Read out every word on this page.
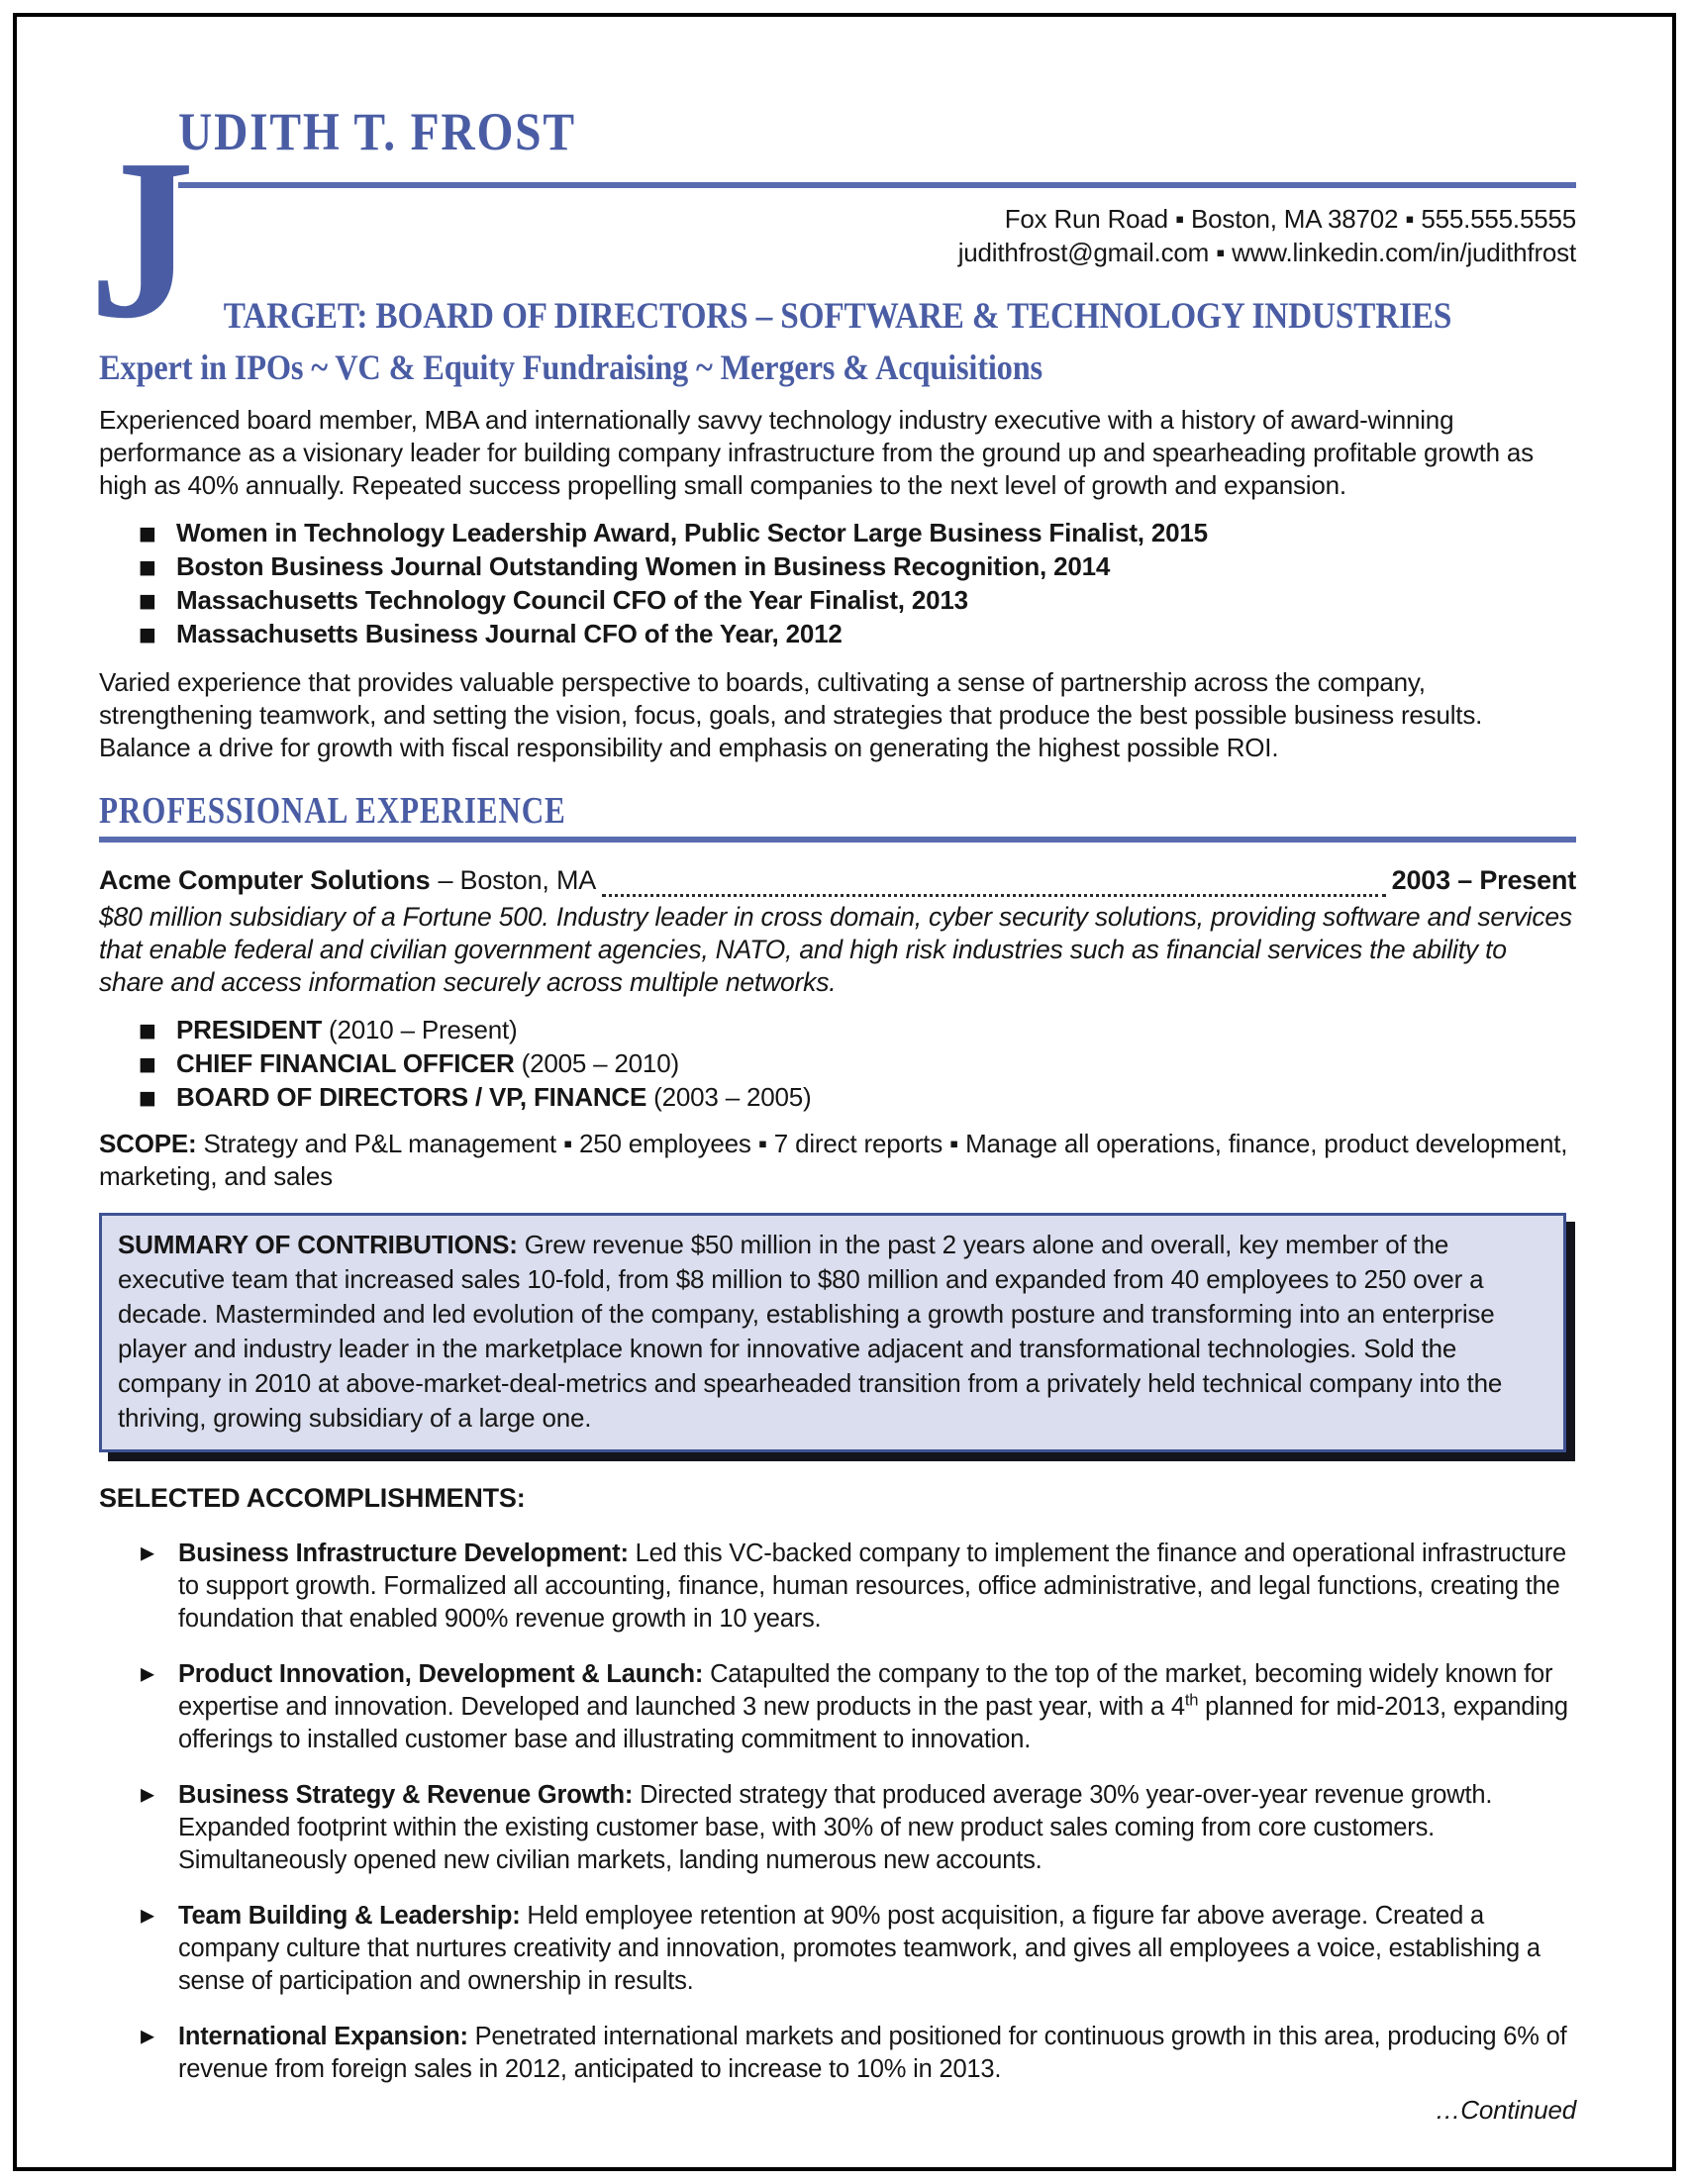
J
UDITH T. FROST
Fox Run Road ▪ Boston, MA 38702 ▪ 555.555.5555
judithfrost@gmail.com ▪ www.linkedin.com/in/judithfrost
TARGET: BOARD OF DIRECTORS – SOFTWARE & TECHNOLOGY INDUSTRIES
Expert in IPOs ~ VC & Equity Fundraising ~ Mergers & Acquisitions

Experienced board member, MBA and internationally savvy technology industry executive with a history of award-winning performance as a visionary leader for building company infrastructure from the ground up and spearheading profitable growth as high as 40% annually. Repeated success propelling small companies to the next level of growth and expansion.

■ Women in Technology Leadership Award, Public Sector Large Business Finalist, 2015
■ Boston Business Journal Outstanding Women in Business Recognition, 2014
■ Massachusetts Technology Council CFO of the Year Finalist, 2013
■ Massachusetts Business Journal CFO of the Year, 2012

Varied experience that provides valuable perspective to boards, cultivating a sense of partnership across the company, strengthening teamwork, and setting the vision, focus, goals, and strategies that produce the best possible business results. Balance a drive for growth with fiscal responsibility and emphasis on generating the highest possible ROI.

PROFESSIONAL EXPERIENCE
Acme Computer Solutions – Boston, MA	2003 – Present

$80 million subsidiary of a Fortune 500. Industry leader in cross domain, cyber security solutions, providing software and services that enable federal and civilian government agencies, NATO, and high risk industries such as financial services the ability to share and access information securely across multiple networks.

■ PRESIDENT (2010 – Present)
■ CHIEF FINANCIAL OFFICER (2005 – 2010)
■ BOARD OF DIRECTORS / VP, FINANCE (2003 – 2005)

SCOPE: Strategy and P&L management ▪ 250 employees ▪ 7 direct reports ▪ Manage all operations, finance, product development, marketing, and sales

SUMMARY OF CONTRIBUTIONS: Grew revenue $50 million in the past 2 years alone and overall, key member of the executive team that increased sales 10-fold, from $8 million to $80 million and expanded from 40 employees to 250 over a decade. Masterminded and led evolution of the company, establishing a growth posture and transforming into an enterprise player and industry leader in the marketplace known for innovative adjacent and transformational technologies. Sold the company in 2010 at above-market-deal-metrics and spearheaded transition from a privately held technical company into the thriving, growing subsidiary of a large one.

SELECTED ACCOMPLISHMENTS:
▸ Business Infrastructure Development: Led this VC-backed company to implement the finance and operational infrastructure to support growth. Formalized all accounting, finance, human resources, office administrative, and legal functions, creating the foundation that enabled 900% revenue growth in 10 years.

▸ Product Innovation, Development & Launch: Catapulted the company to the top of the market, becoming widely known for expertise and innovation. Developed and launched 3 new products in the past year, with a 4th planned for mid-2013, expanding offerings to installed customer base and illustrating commitment to innovation.

▸ Business Strategy & Revenue Growth: Directed strategy that produced average 30% year-over-year revenue growth. Expanded footprint within the existing customer base, with 30% of new product sales coming from core customers. Simultaneously opened new civilian markets, landing numerous new accounts.

▸ Team Building & Leadership: Held employee retention at 90% post acquisition, a figure far above average. Created a company culture that nurtures creativity and innovation, promotes teamwork, and gives all employees a voice, establishing a sense of participation and ownership in results.

▸ International Expansion: Penetrated international markets and positioned for continuous growth in this area, producing 6% of revenue from foreign sales in 2012, anticipated to increase to 10% in 2013.

…Continued
